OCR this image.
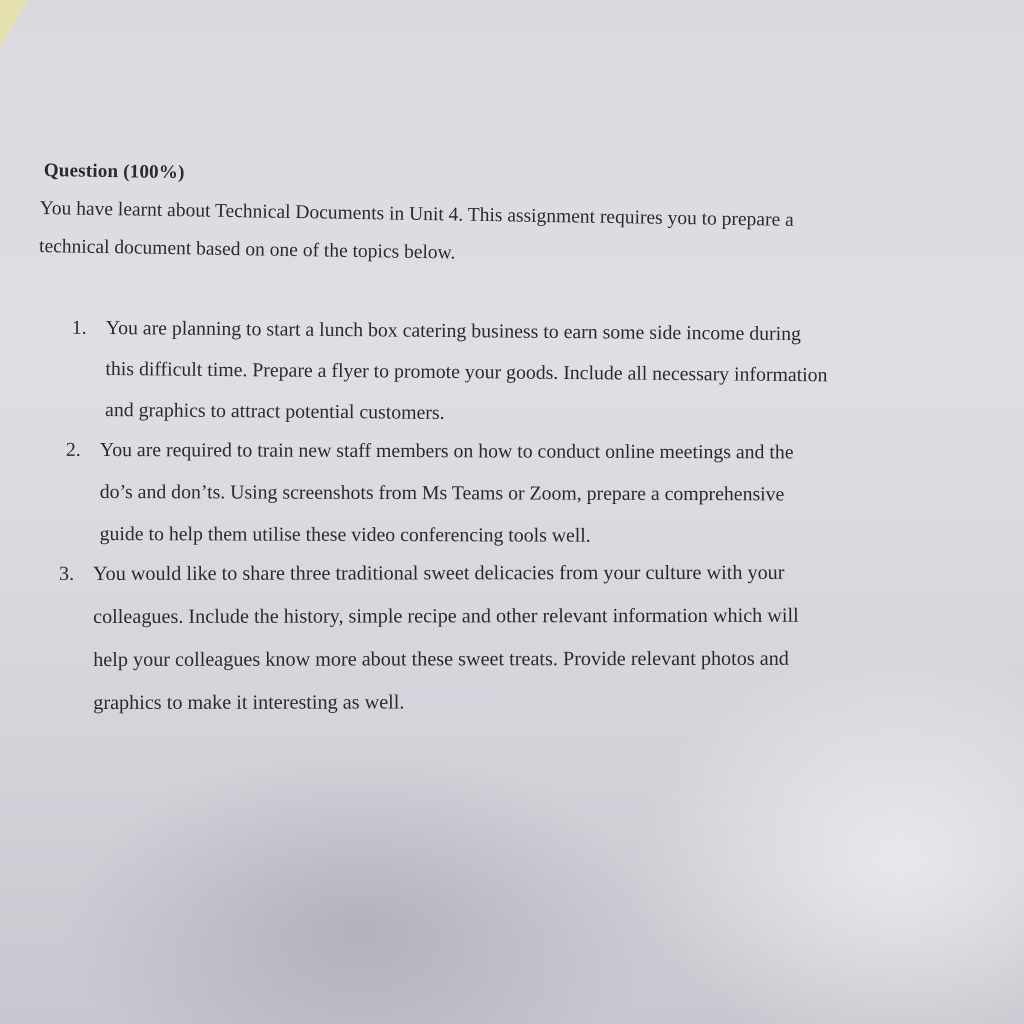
Question (100%)
You have learnt about Technical Documents in Unit 4. This assignment requires you to prepare a
technical document based on one of the topics below.
1. You are planning to start a lunch box catering business to earn some side income during
this difficult time. Prepare a flyer to promote your goods. Include all necessary information
and graphics to attract potential customers.
2. You are required to train new staff members on how to conduct online meetings and the
do’s and don’ts. Using screenshots from Ms Teams or Zoom, prepare a comprehensive
guide to help them utilise these video conferencing tools well.
3. You would like to share three traditional sweet delicacies from your culture with your
colleagues. Include the history, simple recipe and other relevant information which will
help your colleagues know more about these sweet treats. Provide relevant photos and
graphics to make it interesting as well.
